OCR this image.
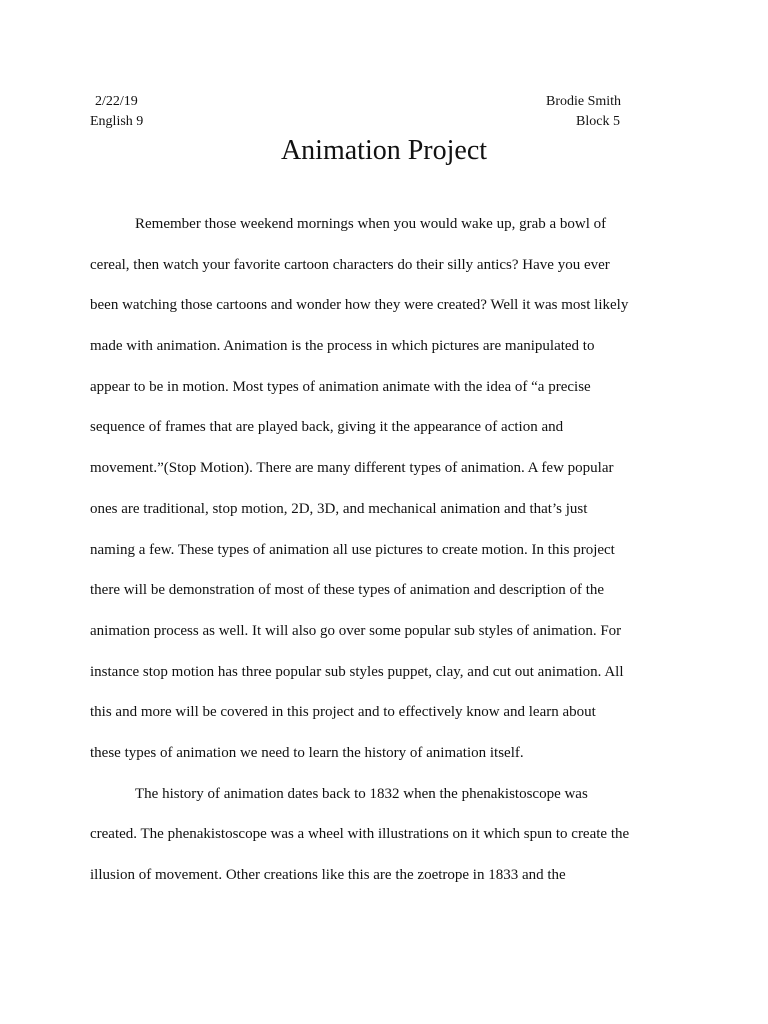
2/22/19	Brodie Smith
English 9	Block 5
Animation Project
Remember those weekend mornings when you would wake up, grab a bowl of
cereal, then watch your favorite cartoon characters do their silly antics? Have you ever
been watching those cartoons and wonder how they were created? Well it was most likely
made with animation. Animation is the process in which pictures are manipulated to
appear to be in motion. Most types of animation animate with the idea of “a precise
sequence of frames that are played back, giving it the appearance of action and
movement.”(Stop Motion). There are many different types of animation. A few popular
ones are traditional, stop motion, 2D, 3D, and mechanical animation and that’s just
naming a few. These types of animation all use pictures to create motion. In this project
there will be demonstration of most of these types of animation and description of the
animation process as well. It will also go over some popular sub styles of animation. For
instance stop motion has three popular sub styles puppet, clay, and cut out animation. All
this and more will be covered in this project and to effectively know and learn about
these types of animation we need to learn the history of animation itself.
The history of animation dates back to 1832 when the phenakistoscope was
created. The phenakistoscope was a wheel with illustrations on it which spun to create the
illusion of movement. Other creations like this are the zoetrope in 1833 and the
